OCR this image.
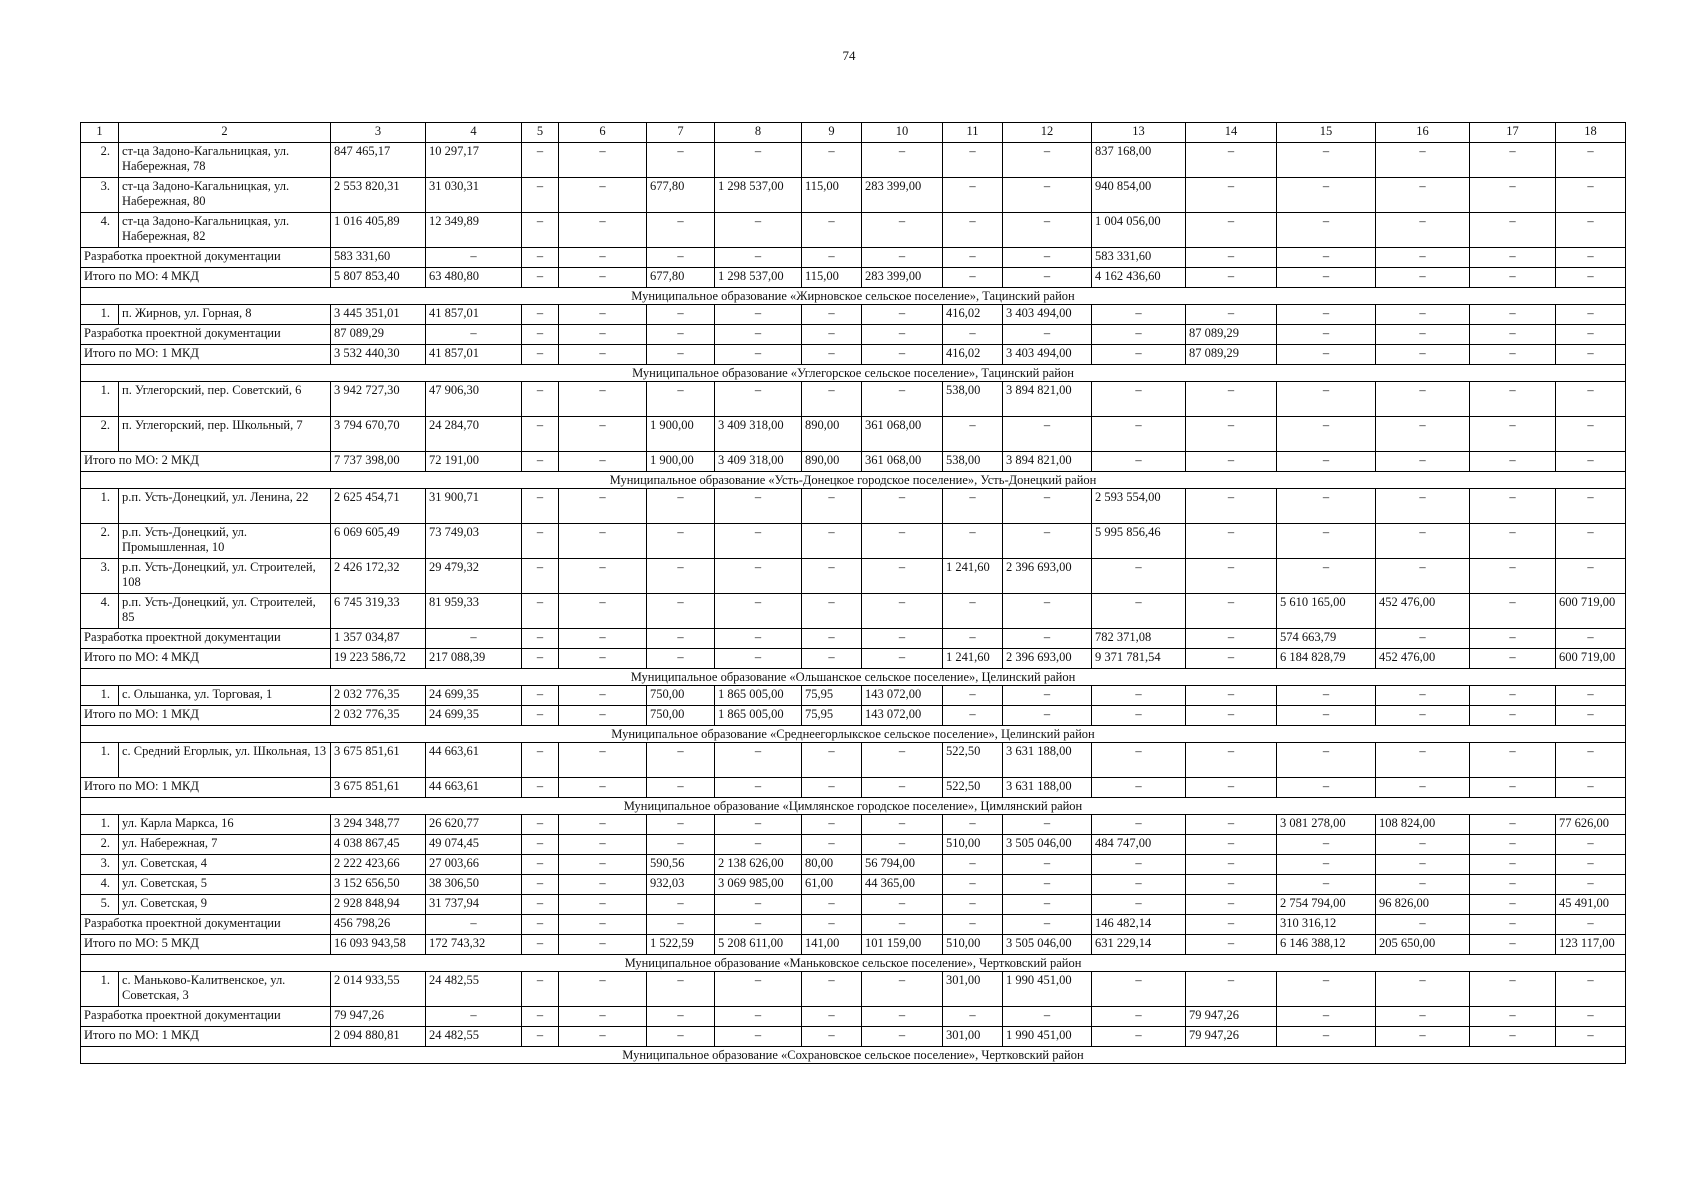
74
1	2	3	4	5	6	7	8	9	10	11	12	13	14	15	16	17	18
2.	ст-ца Задоно-Кагальницкая, ул. Набережная, 78	847 465,17	10 297,17	–	–	–	–	–	–	–	–	837 168,00	–	–	–	–	–
3.	ст-ца Задоно-Кагальницкая, ул. Набережная, 80	2 553 820,31	31 030,31	–	–	677,80	1 298 537,00	115,00	283 399,00	–	–	940 854,00	–	–	–	–	–
4.	ст-ца Задоно-Кагальницкая, ул. Набережная, 82	1 016 405,89	12 349,89	–	–	–	–	–	–	–	–	1 004 056,00	–	–	–	–	–
Разработка проектной документации		583 331,60	–	–	–	–	–	–	–	–	–	583 331,60	–	–	–	–	–
Итого по МО: 4 МКД		5 807 853,40	63 480,80	–	–	677,80	1 298 537,00	115,00	283 399,00	–	–	4 162 436,60	–	–	–	–	–
Муниципальное образование «Жирновское сельское поселение», Тацинский район																	
1.	п. Жирнов, ул. Горная, 8	3 445 351,01	41 857,01	–	–	–	–	–	–	416,02	3 403 494,00	–	–	–	–	–	–
Разработка проектной документации		87 089,29	–	–	–	–	–	–	–	–	–	–	87 089,29	–	–	–	–
Итого по МО: 1 МКД		3 532 440,30	41 857,01	–	–	–	–	–	–	416,02	3 403 494,00	–	87 089,29	–	–	–	–
Муниципальное образование «Углегорское сельское поселение», Тацинский район																	
1.	п. Углегорский, пер. Советский, 6	3 942 727,30	47 906,30	–	–	–	–	–	–	538,00	3 894 821,00	–	–	–	–	–	–
2.	п. Углегорский, пер. Школьный, 7	3 794 670,70	24 284,70	–	–	1 900,00	3 409 318,00	890,00	361 068,00	–	–	–	–	–	–	–	–
Итого по МО: 2 МКД		7 737 398,00	72 191,00	–	–	1 900,00	3 409 318,00	890,00	361 068,00	538,00	3 894 821,00	–	–	–	–	–	–
Муниципальное образование «Усть-Донецкое городское поселение», Усть-Донецкий район																	
1.	р.п. Усть-Донецкий, ул. Ленина, 22	2 625 454,71	31 900,71	–	–	–	–	–	–	–	–	2 593 554,00	–	–	–	–	–
2.	р.п. Усть-Донецкий, ул. Промышленная, 10	6 069 605,49	73 749,03	–	–	–	–	–	–	–	–	5 995 856,46	–	–	–	–	–
3.	р.п. Усть-Донецкий, ул. Строителей, 108	2 426 172,32	29 479,32	–	–	–	–	–	–	1 241,60	2 396 693,00	–	–	–	–	–	–
4.	р.п. Усть-Донецкий, ул. Строителей, 85	6 745 319,33	81 959,33	–	–	–	–	–	–	–	–	–	–	5 610 165,00	452 476,00	–	600 719,00
Разработка проектной документации		1 357 034,87	–	–	–	–	–	–	–	–	–	782 371,08	–	574 663,79	–	–	–
Итого по МО: 4 МКД		19 223 586,72	217 088,39	–	–	–	–	–	–	1 241,60	2 396 693,00	9 371 781,54	–	6 184 828,79	452 476,00	–	600 719,00
Муниципальное образование «Ольшанское сельское поселение», Целинский район																	
1.	с. Ольшанка, ул. Торговая, 1	2 032 776,35	24 699,35	–	–	750,00	1 865 005,00	75,95	143 072,00	–	–	–	–	–	–	–	–
Итого по МО: 1 МКД		2 032 776,35	24 699,35	–	–	750,00	1 865 005,00	75,95	143 072,00	–	–	–	–	–	–	–	–
Муниципальное образование «Среднеегорлыкское сельское поселение», Целинский район																	
1.	с. Средний Егорлык, ул. Школьная, 13	3 675 851,61	44 663,61	–	–	–	–	–	–	522,50	3 631 188,00	–	–	–	–	–	–
Итого по МО: 1 МКД		3 675 851,61	44 663,61	–	–	–	–	–	–	522,50	3 631 188,00	–	–	–	–	–	–
Муниципальное образование «Цимлянское городское поселение», Цимлянский район																	
1.	ул. Карла Маркса, 16	3 294 348,77	26 620,77	–	–	–	–	–	–	–	–	–	–	3 081 278,00	108 824,00	–	77 626,00
2.	ул. Набережная, 7	4 038 867,45	49 074,45	–	–	–	–	–	–	510,00	3 505 046,00	484 747,00	–	–	–	–	–
3.	ул. Советская, 4	2 222 423,66	27 003,66	–	–	590,56	2 138 626,00	80,00	56 794,00	–	–	–	–	–	–	–	–
4.	ул. Советская, 5	3 152 656,50	38 306,50	–	–	932,03	3 069 985,00	61,00	44 365,00	–	–	–	–	–	–	–	–
5.	ул. Советская, 9	2 928 848,94	31 737,94	–	–	–	–	–	–	–	–	–	–	2 754 794,00	96 826,00	–	45 491,00
Разработка проектной документации		456 798,26	–	–	–	–	–	–	–	–	–	146 482,14	–	310 316,12	–	–	–
Итого по МО: 5 МКД		16 093 943,58	172 743,32	–	–	1 522,59	5 208 611,00	141,00	101 159,00	510,00	3 505 046,00	631 229,14	–	6 146 388,12	205 650,00	–	123 117,00
Муниципальное образование «Маньковское сельское поселение», Чертковский район																	
1.	с. Маньково-Калитвенское, ул. Советская, 3	2 014 933,55	24 482,55	–	–	–	–	–	–	301,00	1 990 451,00	–	–	–	–	–	–
Разработка проектной документации		79 947,26	–	–	–	–	–	–	–	–	–	–	79 947,26	–	–	–	–
Итого по МО: 1 МКД		2 094 880,81	24 482,55	–	–	–	–	–	–	301,00	1 990 451,00	–	79 947,26	–	–	–	–
Муниципальное образование «Сохрановское сельское поселение», Чертковский район																	
